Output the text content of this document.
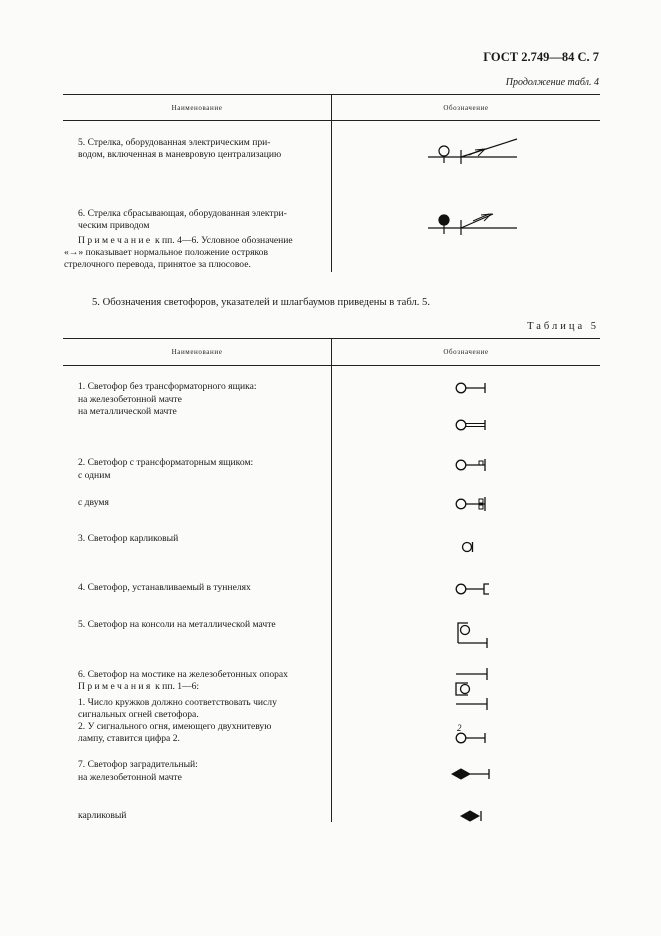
ГОСТ 2.749—84 С. 7
Продолжение табл. 4
Наименование	Обозначение
5. Стрелка, оборудованная электрическим при-
водом, включенная в маневровую централизацию
6. Стрелка сбрасывающая, оборудованная электри-
ческим приводом
Примечание к пп. 4—6. Условное обозначение
«→» показывает нормальное положение остряков
стрелочного перевода, принятое за плюсовое.
5. Обозначения светофоров, указателей и шлагбаумов приведены в табл. 5.
Таблица 5
Наименование	Обозначение
1. Светофор без трансформаторного ящика:
на железобетонной мачте
на металлической мачте
2. Светофор с трансформаторным ящиком:
с одним
с двумя
3. Светофор карликовый
4. Светофор, устанавливаемый в туннелях
5. Светофор на консоли на металлической мачте
6. Светофор на мостике на железобетонных опорах
Примечания к пп. 1—6:
1. Число кружков должно соответствовать числу
сигнальных огней светофора.
2. У сигнального огня, имеющего двухнитевую
лампу, ставится цифра 2.
2
7. Светофор заградительный:
на железобетонной мачте
карликовый
